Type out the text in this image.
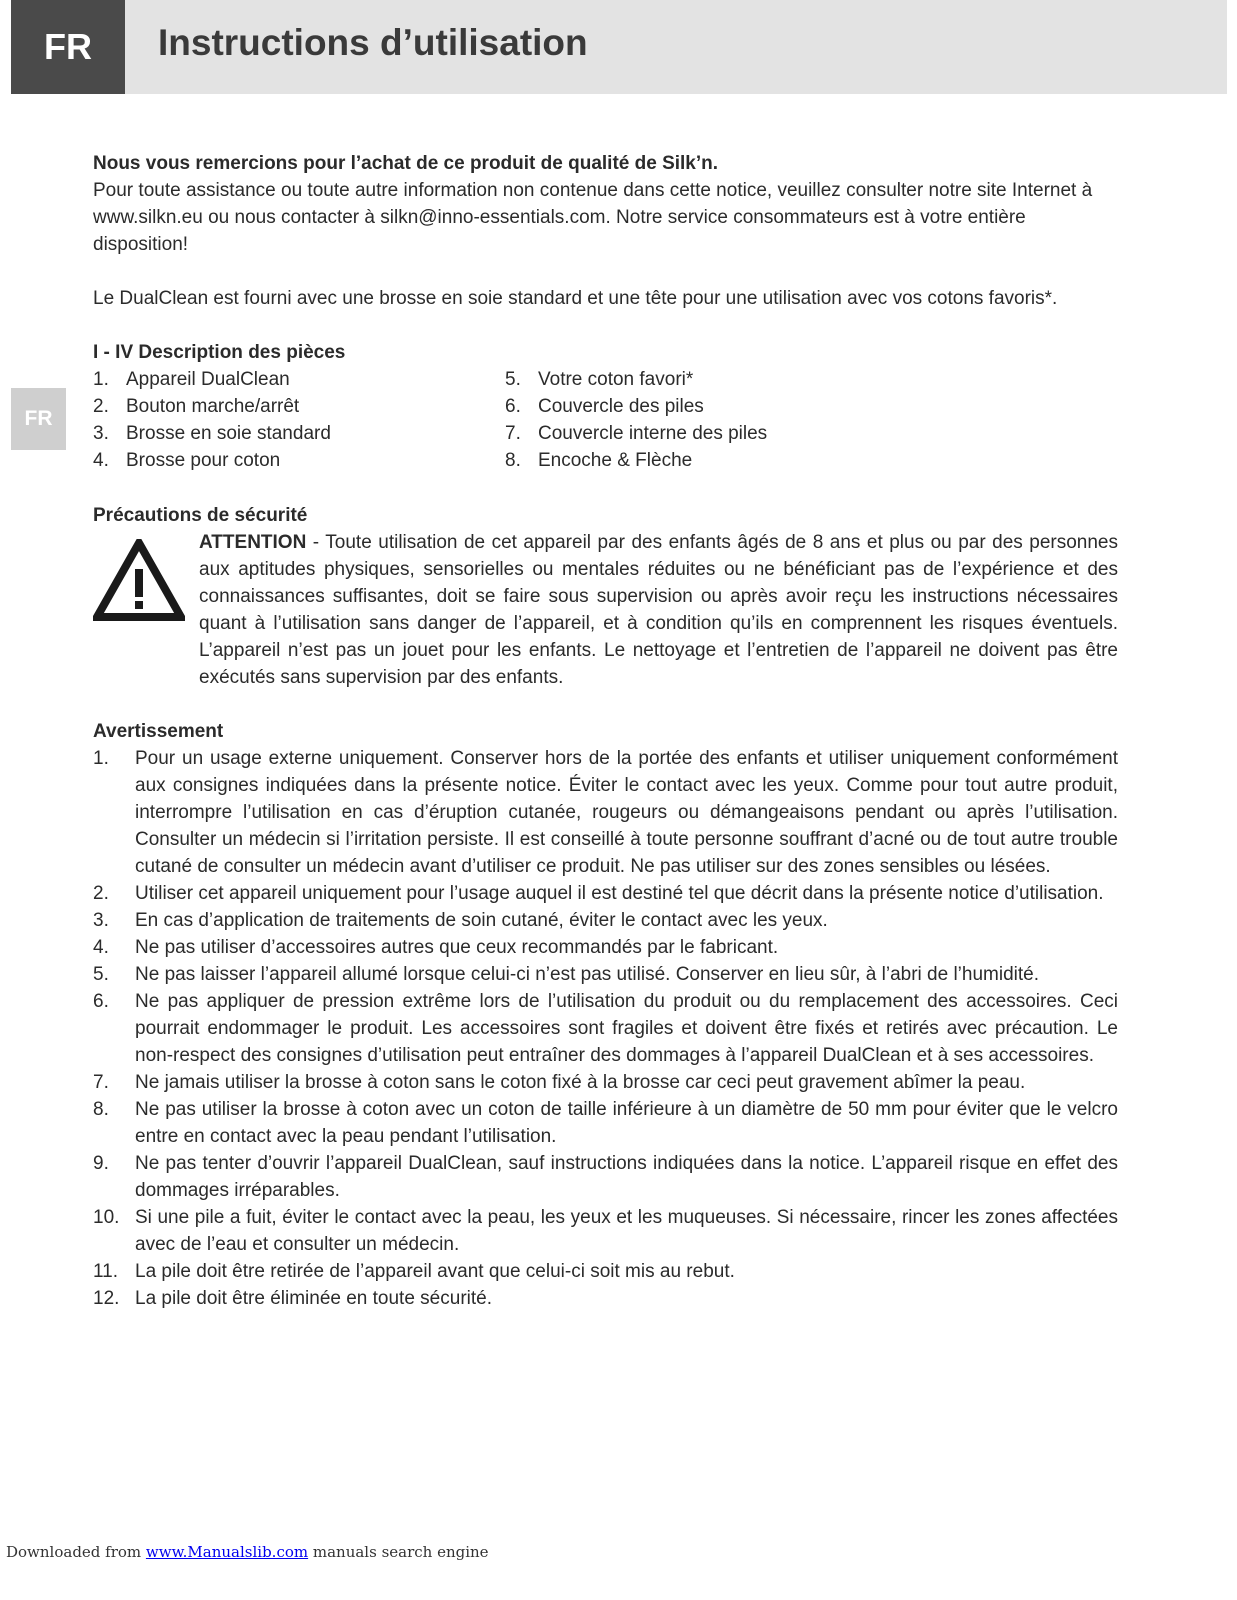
FR	Instructions d’utilisation
FR

Nous vous remercions pour l’achat de ce produit de qualité de Silk’n.

Pour toute assistance ou toute autre information non contenue dans cette notice, veuillez consulter notre site Internet à www.silkn.eu ou nous contacter à silkn@inno-essentials.com. Notre service consommateurs est à votre entière disposition!

Le DualClean est fourni avec une brosse en soie standard et une tête pour une utilisation avec vos cotons favoris*.

I - IV Description des pièces

1. Appareil DualClean
2. Bouton marche/arrêt
3. Brosse en soie standard
4. Brosse pour coton
5. Votre coton favori*
6. Couvercle des piles
7. Couvercle interne des piles
8. Encoche & Flèche

Précautions de sécurité

ATTENTION - Toute utilisation de cet appareil par des enfants âgés de 8 ans et plus ou par des personnes aux aptitudes physiques, sensorielles ou mentales réduites ou ne bénéficiant pas de l’expérience et des connaissances suffisantes, doit se faire sous supervision ou après avoir reçu les instructions nécessaires quant à l’utilisation sans danger de l’appareil, et à condition qu’ils en comprennent les risques éventuels. L’appareil n’est pas un jouet pour les enfants. Le nettoyage et l’entretien de l’appareil ne doivent pas être exécutés sans supervision par des enfants.

Avertissement

1.	Pour un usage externe uniquement. Conserver hors de la portée des enfants et utiliser uniquement conformément aux consignes indiquées dans la présente notice. Éviter le contact avec les yeux. Comme pour tout autre produit, interrompre l’utilisation en cas d’éruption cutanée, rougeurs ou démangeaisons pendant ou après l’utilisation. Consulter un médecin si l’irritation persiste. Il est conseillé à toute personne souffrant d’acné ou de tout autre trouble cutané de consulter un médecin avant d’utiliser ce produit. Ne pas utiliser sur des zones sensibles ou lésées.
2.	Utiliser cet appareil uniquement pour l’usage auquel il est destiné tel que décrit dans la présente notice d’utilisation.
3.	En cas d’application de traitements de soin cutané, éviter le contact avec les yeux.
4.	Ne pas utiliser d’accessoires autres que ceux recommandés par le fabricant.
5.	Ne pas laisser l’appareil allumé lorsque celui-ci n’est pas utilisé. Conserver en lieu sûr, à l’abri de l’humidité.
6.	Ne pas appliquer de pression extrême lors de l’utilisation du produit ou du remplacement des accessoires. Ceci pourrait endommager le produit. Les accessoires sont fragiles et doivent être fixés et retirés avec précaution. Le non-respect des consignes d’utilisation peut entraîner des dommages à l’appareil DualClean et à ses accessoires.
7.	Ne jamais utiliser la brosse à coton sans le coton fixé à la brosse car ceci peut gravement abîmer la peau.
8.	Ne pas utiliser la brosse à coton avec un coton de taille inférieure à un diamètre de 50 mm pour éviter que le velcro entre en contact avec la peau pendant l’utilisation.
9.	Ne pas tenter d’ouvrir l’appareil DualClean, sauf instructions indiquées dans la notice. L’appareil risque en effet des dommages irréparables.
10. Si une pile a fuit, éviter le contact avec la peau, les yeux et les muqueuses. Si nécessaire, rincer les zones affectées avec de l’eau et consulter un médecin.
11. La pile doit être retirée de l’appareil avant que celui-ci soit mis au rebut.
12. La pile doit être éliminée en toute sécurité.
Downloaded from www.Manualslib.com manuals search engine
